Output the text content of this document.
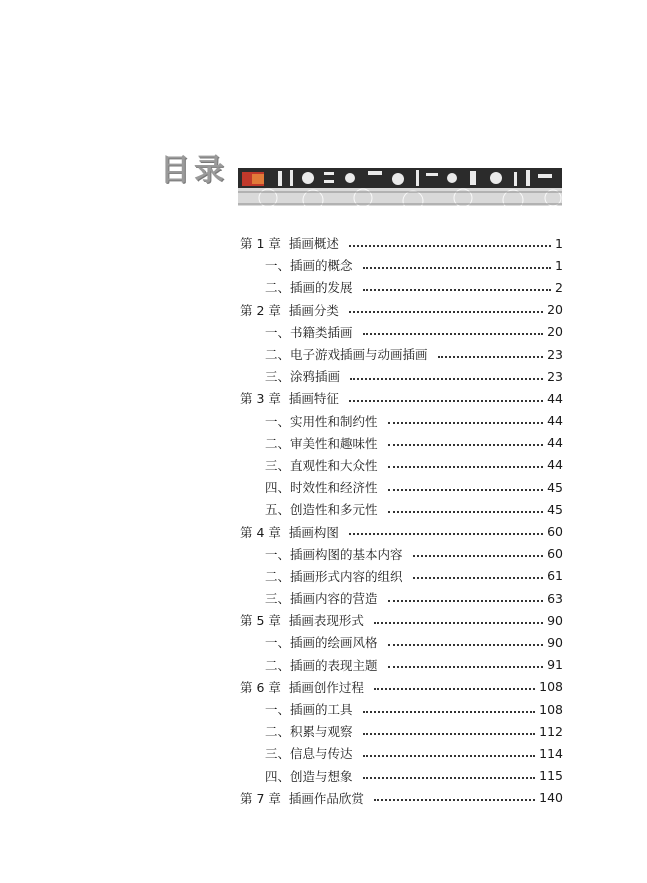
目录
第 1 章 插画概述	1
一、插画的概念	1
二、插画的发展	2
第 2 章 插画分类	20
一、书籍类插画	20
二、电子游戏插画与动画插画	23
三、涂鸦插画	23
第 3 章 插画特征	44
一、实用性和制约性	44
二、审美性和趣味性	44
三、直观性和大众性	44
四、时效性和经济性	45
五、创造性和多元性	45
第 4 章 插画构图	60
一、插画构图的基本内容	60
二、插画形式内容的组织	61
三、插画内容的营造	63
第 5 章 插画表现形式	90
一、插画的绘画风格	90
二、插画的表现主题	91
第 6 章 插画创作过程	108
一、插画的工具	108
二、积累与观察	112
三、信息与传达	114
四、创造与想象	115
第 7 章 插画作品欣赏	140
